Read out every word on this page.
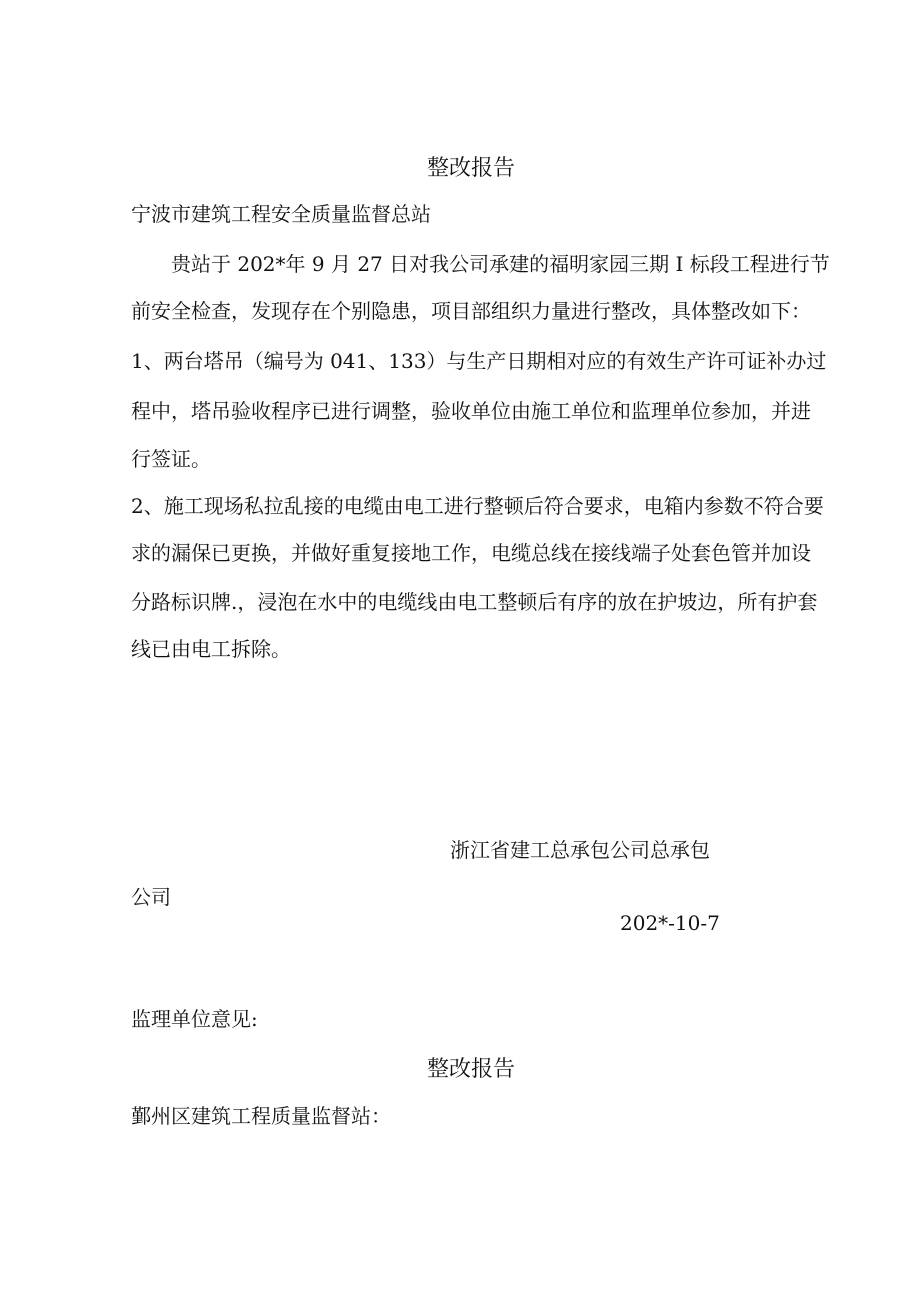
整改报告
宁波市建筑工程安全质量监督总站
贵站于 202*年 9 月 27 日对我公司承建的福明家园三期 I 标段工程进行节
前安全检查，发现存在个别隐患，项目部组织力量进行整改，具体整改如下：
1、两台塔吊（编号为 041、133）与生产日期相对应的有效生产许可证补办过
程中，塔吊验收程序已进行调整，验收单位由施工单位和监理单位参加，并进
行签证。
2、施工现场私拉乱接的电缆由电工进行整顿后符合要求，电箱内参数不符合要
求的漏保已更换，并做好重复接地工作，电缆总线在接线端子处套色管并加设
分路标识牌.，浸泡在水中的电缆线由电工整顿后有序的放在护坡边，所有护套
线已由电工拆除。
浙江省建工总承包公司总承包
公司
202*-10-7
监理单位意见:
整改报告
鄞州区建筑工程质量监督站：
